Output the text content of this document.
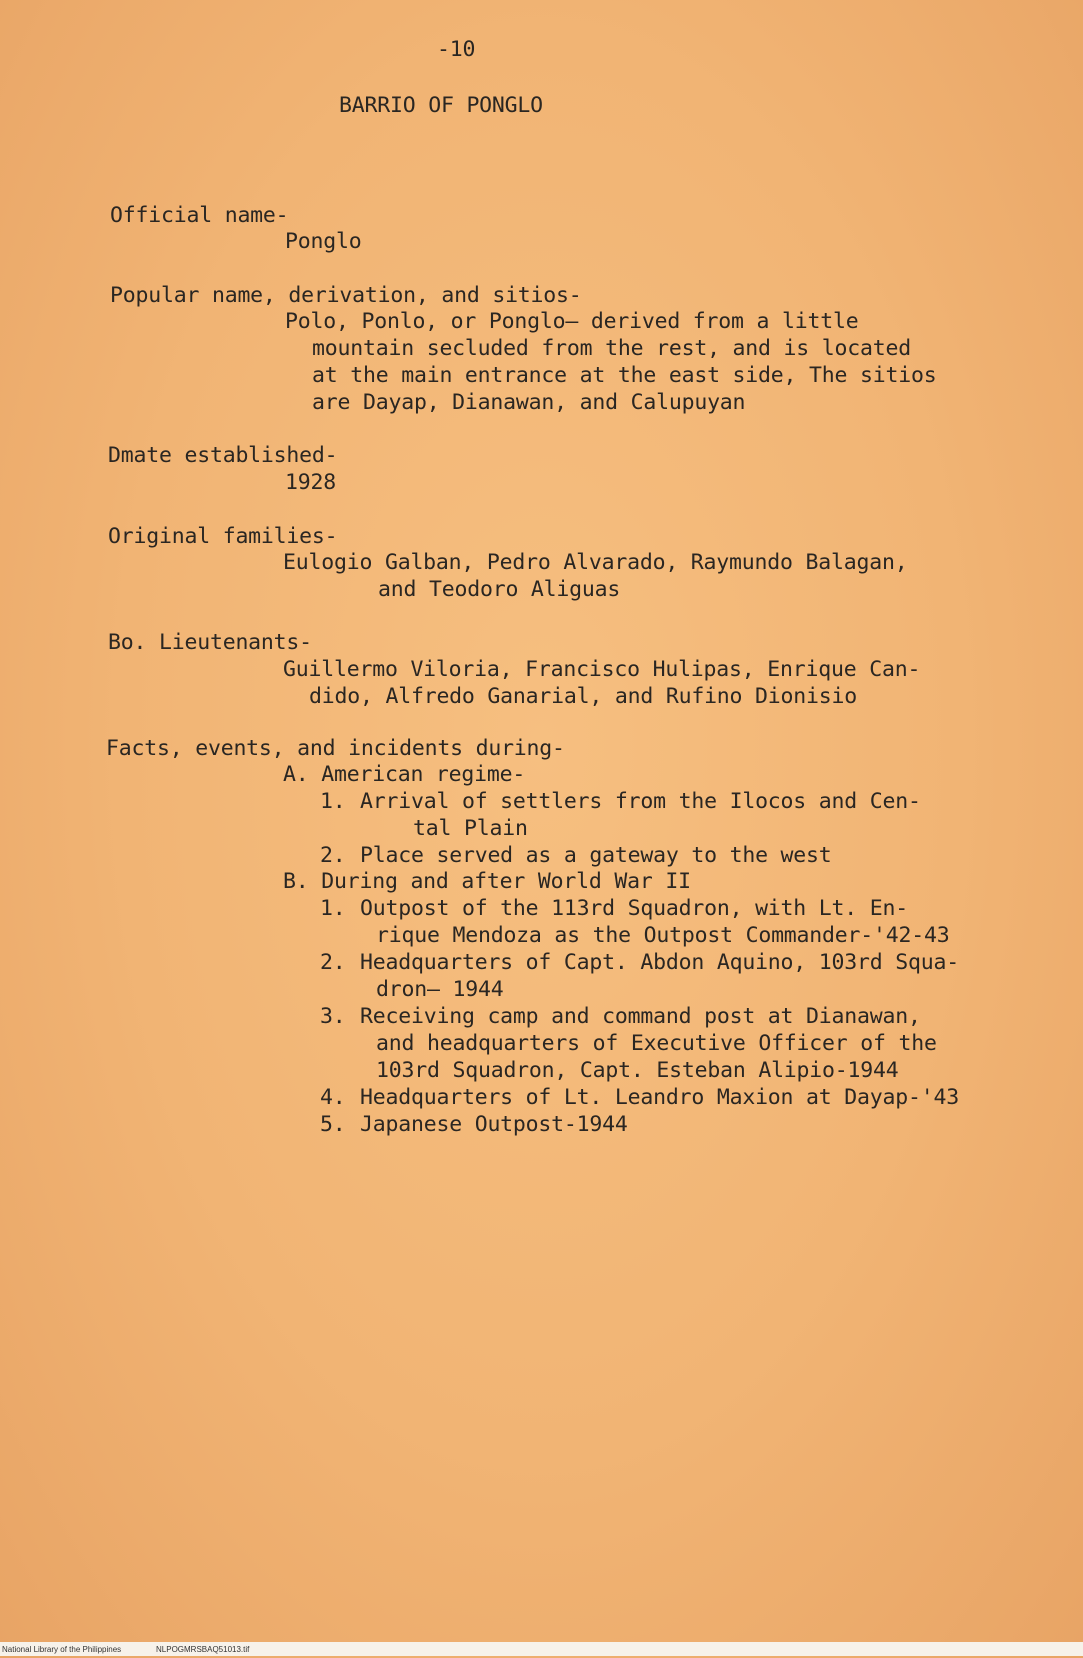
-10
BARRIO OF PONGLO
Official name-
Ponglo
Popular name, derivation, and sitios-
Polo, Ponlo, or Ponglo— derived from a little
mountain secluded from the rest, and is located
at the main entrance at the east side, The sitios
are Dayap, Dianawan, and Calupuyan
Dmate established-
1928
Original families-
Eulogio Galban, Pedro Alvarado, Raymundo Balagan,
and Teodoro Aliguas
Bo. Lieutenants-
Guillermo Viloria, Francisco Hulipas, Enrique Can-
dido, Alfredo Ganarial, and Rufino Dionisio
Facts, events, and incidents during-
A. American regime-
1. Arrival of settlers from the Ilocos and Cen-
tal Plain
2. Place served as a gateway to the west
B. During and after World War II
1. Outpost of the 113rd Squadron, with Lt. En-
rique Mendoza as the Outpost Commander-'42-43
2. Headquarters of Capt. Abdon Aquino, 103rd Squa-
dron— 1944
3. Receiving camp and command post at Dianawan,
and headquarters of Executive Officer of the
103rd Squadron, Capt. Esteban Alipio-1944
4. Headquarters of Lt. Leandro Maxion at Dayap-'43
5. Japanese Outpost-1944
National Library of the Philippines	NLPOGMRSBAQ51013.tif
